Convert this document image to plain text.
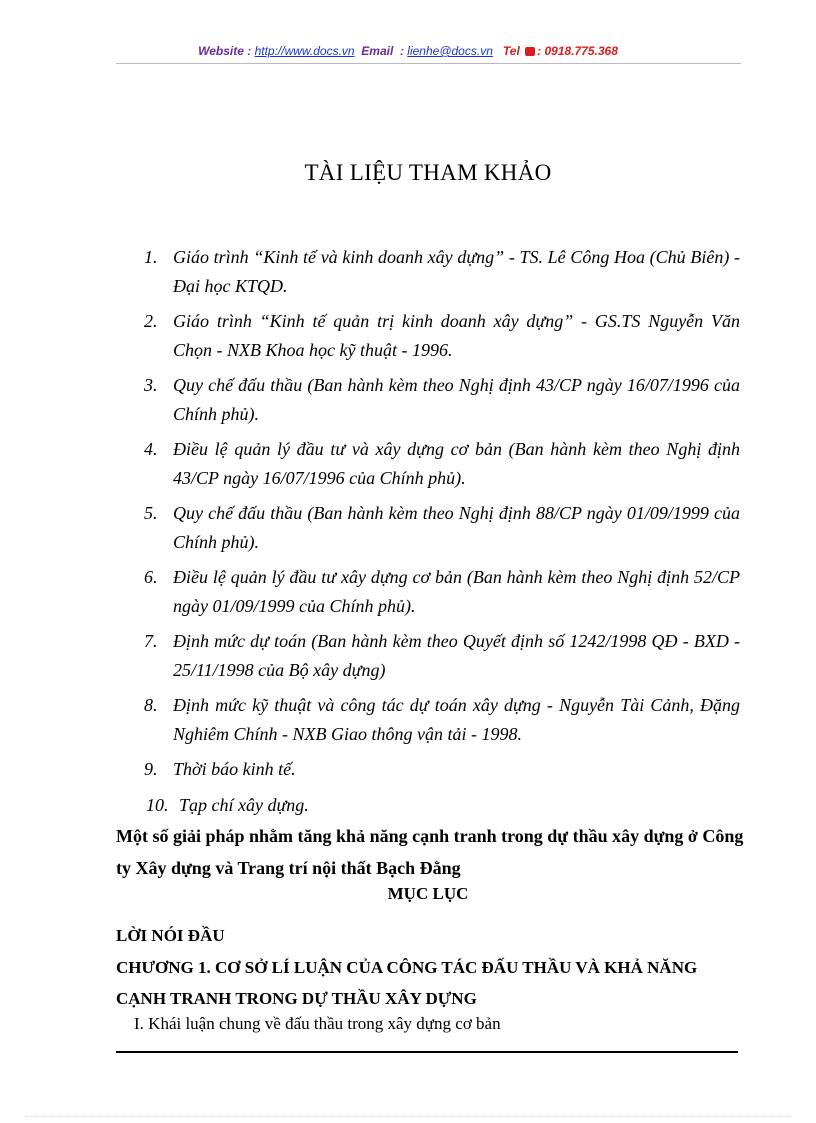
Website : http://www.docs.vn Email  : lienhe@docs.vn Tel : 0918.775.368
TÀI LIỆU THAM KHẢO
1. Giáo trình “Kinh tế và kinh doanh xây dựng” - TS. Lê Công Hoa (Chủ Biên) - Đại học KTQD.
2. Giáo trình “Kinh tế quản trị kinh doanh xây dựng” - GS.TS Nguyễn Văn Chọn - NXB Khoa học kỹ thuật - 1996.
3. Quy chế đấu thầu (Ban hành kèm theo Nghị định 43/CP ngày 16/07/1996 của Chính phủ).
4. Điều lệ quản lý đầu tư và xây dựng cơ bản (Ban hành kèm theo Nghị định 43/CP ngày 16/07/1996 của Chính phủ).
5. Quy chế đấu thầu (Ban hành kèm theo Nghị định 88/CP ngày 01/09/1999 của Chính phủ).
6. Điều lệ quản lý đầu tư xây dựng cơ bản (Ban hành kèm theo Nghị định 52/CP ngày 01/09/1999 của Chính phủ).
7. Định mức dự toán (Ban hành kèm theo Quyết định số 1242/1998 QĐ - BXD - 25/11/1998 của Bộ xây dựng)
8. Định mức kỹ thuật và công tác dự toán xây dựng - Nguyễn Tài Cảnh, Đặng Nghiêm Chính - NXB Giao thông vận tải - 1998.
9. Thời báo kinh tế.
10. Tạp chí xây dựng.
Một số giải pháp nhằm tăng khả năng cạnh tranh trong dự thầu xây dựng ở Công ty Xây dựng và Trang trí nội thất Bạch Đằng
MỤC LỤC
LỜI NÓI ĐẦU
CHƯƠNG 1. CƠ SỞ LÍ LUẬN CỦA CÔNG TÁC ĐẤU THẦU VÀ KHẢ NĂNG CẠNH TRANH TRONG DỰ THẦU XÂY DỰNG
I. Khái luận chung về đấu thầu trong xây dựng cơ bản
